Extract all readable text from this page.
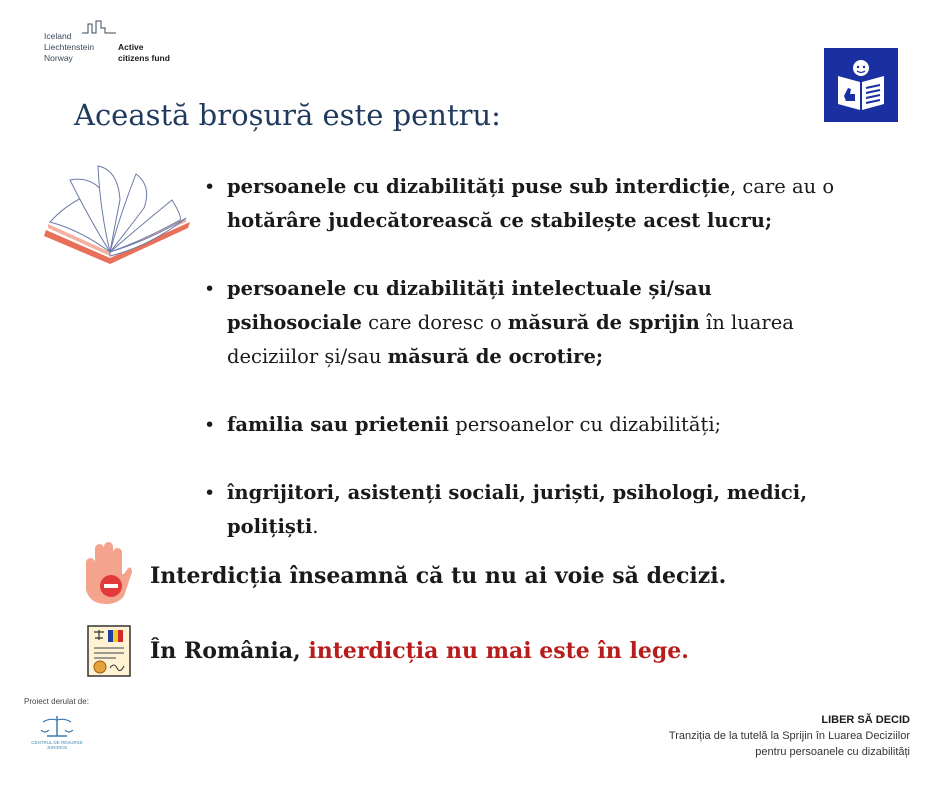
Iceland
Liechtenstein
Norway
Active
citizens fund
Această broșură este pentru:
• persoanele cu dizabilități puse sub interdicție, care au o hotărâre judecătorească ce stabilește acest lucru;
• persoanele cu dizabilități intelectuale și/sau psihosociale care doresc o măsură de sprijin în luarea deciziilor și/sau măsură de ocrotire;
• familia sau prietenii persoanelor cu dizabilități;
• îngrijitori, asistenți sociali, juriști, psihologi, medici, polițiști.
Interdicția înseamnă că tu nu ai voie să decizi.
În România, interdicția nu mai este în lege.
Proiect derulat de:
CENTRUL DE RESURSE
JURIDICE
LIBER SĂ DECID
Tranziția de la tutelă la Sprijin în Luarea Deciziilor
pentru persoanele cu dizabilități
